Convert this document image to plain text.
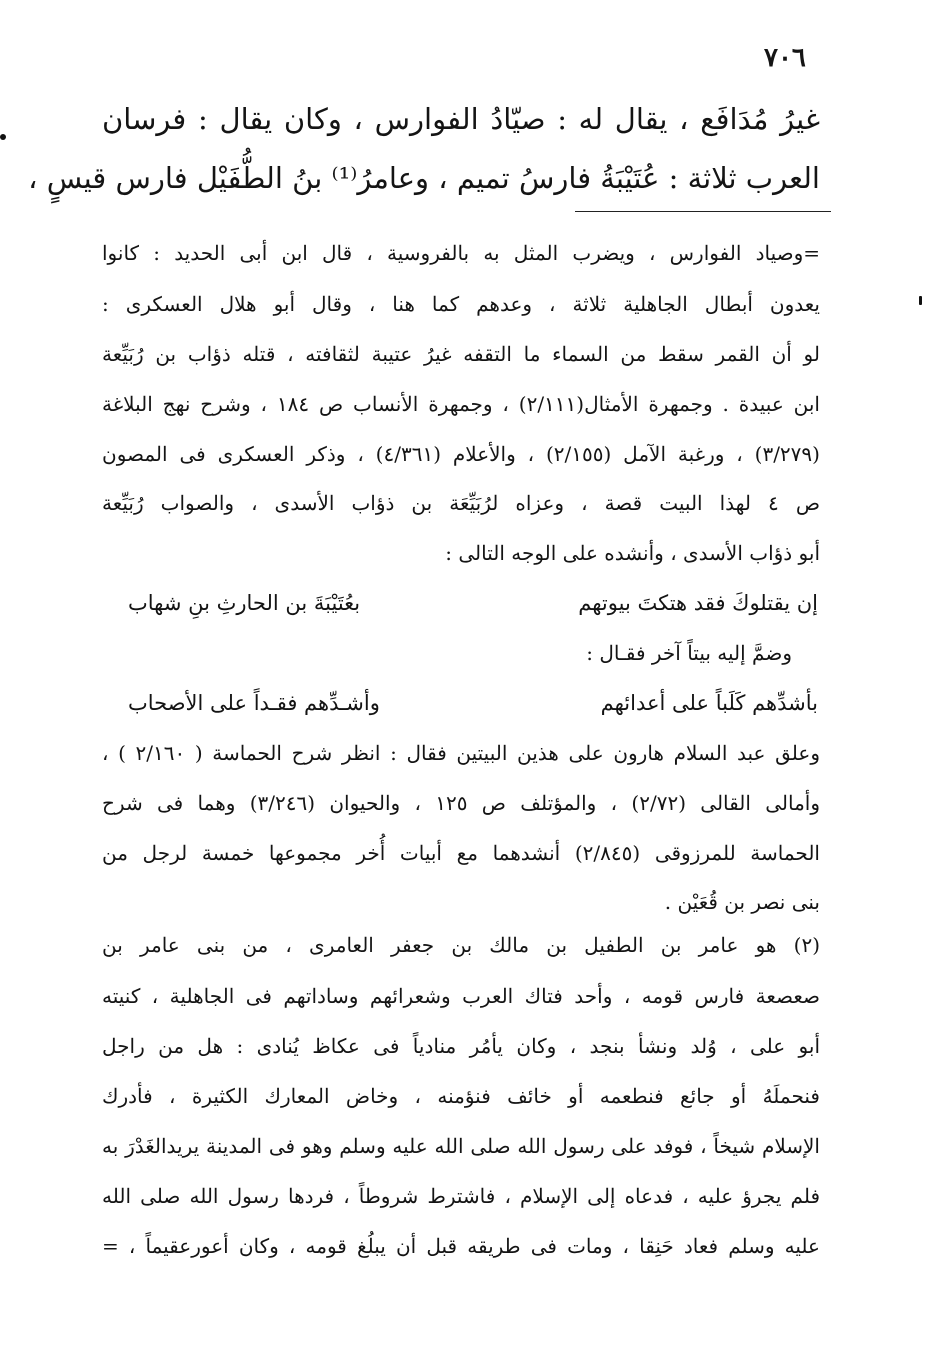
٧٠٦
غيرُ مُدَافَع ، يقال له : صيّادُ الفوارس ، وكان يقال : فرسان
العرب ثلاثة : عُتَيْبَةُ فارسُ تميم ، وعامرُ⁽¹⁾ بنُ الطُّفَيْل فارس قيسٍ ،
=وصياد الفوارس ، ويضرب المثل به بالفروسية ، قال ابن أبى الحديد : كانوا
يعدون أبطال الجاهلية ثلاثة ، وعدهم كما هنا ، وقال أبو هلال العسكرى :
لو أن القمر سقط من السماء ما التقفه غيرُ عتيبة لثقافته ، قتله ذؤاب بن رُبَيِّعة
ابن عبيدة . وجمهرة الأمثال(٢/١١١) ، وجمهرة الأنساب ص ١٨٤ ، وشرح نهج البلاغة
(٣/٢٧٩) ، ورغبة الآمل (٢/١٥٥) ، والأعلام (٤/٣٦١) ، وذكر العسكرى فى المصون
ص ٤ لهذا البيت قصة ، وعزاه لرُبَيِّعَة بن ذؤاب الأسدى ، والصواب رُبَيِّعة
أبو ذؤاب الأسدى ، وأنشده على الوجه التالى :
إن يقتلوكَ فقد هتكتَ بيوتهم
بعُتَيْبَةَ بن الحارثِ بنِ شهاب
وضمَّ إليه بيتاً آخر فقـال :
بأشدِّهم كَلَباً على أعدائهم
وأشـدِّهم فقـداً على الأصحاب
وعلق عبد السلام هارون على هذين البيتين فقال : انظر شرح الحماسة ( ٢/١٦٠ ) ،
وأمالى القالى (٢/٧٢) ، والمؤتلف ص ١٢٥ ، والحيوان (٣/٢٤٦) وهما فى شرح
الحماسة للمرزوقى (٢/٨٤٥) أنشدهما مع أبيات أُخر مجموعها خمسة لرجل من
بنى نصر بن قُعَيْن .
(٢) هو عامر بن الطفيل بن مالك بن جعفر العامرى ، من بنى عامر بن
صعصعة فارس قومه ، وأحد فتاك العرب وشعرائهم وساداتهم فى الجاهلية ، كنيته
أبو على ، وُلد ونشأ بنجد ، وكان يأمُر منادياً فى عكاظ يُنادى : هل من راجل
فنحملَهُ أو جائع فنطعمه أو خائف فنؤمنه ، وخاض المعارك الكثيرة ، فأدرك
الإسلام شيخاً ، فوفد على رسول الله صلى الله عليه وسلم وهو فى المدينة يريدالغَدْرَ به
فلم يجرؤ عليه ، فدعاه إلى الإسلام ، فاشترط شروطاً ، فردها رسول الله صلى الله
عليه وسلم فعاد حَنِقا ، ومات فى طريقه قبل أن يبلُغ قومه ، وكان أعورعقيماً ، =
